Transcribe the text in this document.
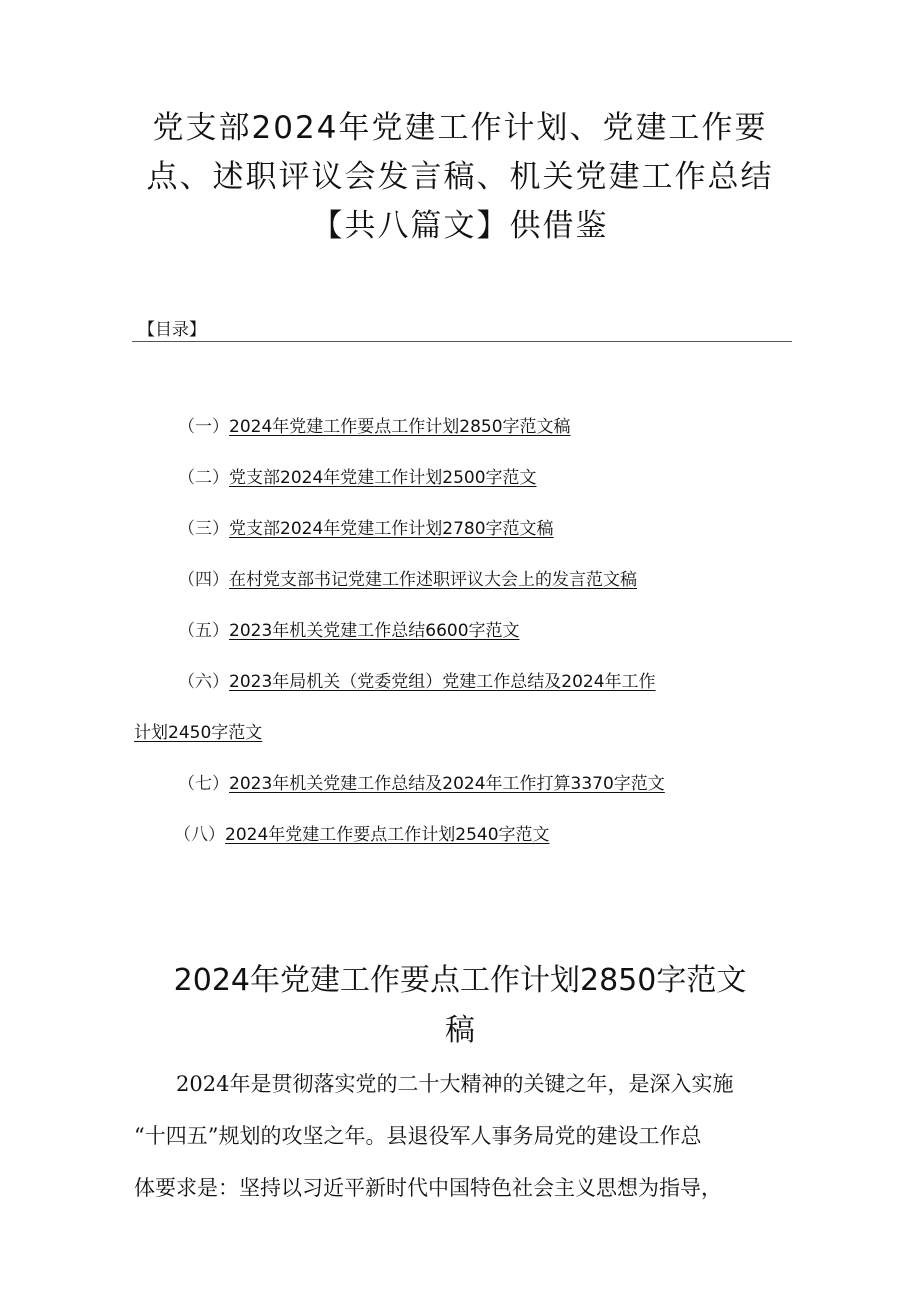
党支部2024年党建工作计划、党建工作要
点、述职评议会发言稿、机关党建工作总结
【共八篇文】供借鉴
【目录】
（一）2024年党建工作要点工作计划2850字范文稿
（二）党支部2024年党建工作计划2500字范文
（三）党支部2024年党建工作计划2780字范文稿
（四）在村党支部书记党建工作述职评议大会上的发言范文稿
（五）2023年机关党建工作总结6600字范文
（六）2023年局机关（党委党组）党建工作总结及2024年工作
计划2450字范文
（七）2023年机关党建工作总结及2024年工作打算3370字范文
（八）2024年党建工作要点工作计划2540字范文
2024年党建工作要点工作计划2850字范文
稿

　　2024年是贯彻落实党的二十大精神的关键之年，是深入实施
“十四五”规划的攻坚之年。县退役军人事务局党的建设工作总
体要求是：坚持以习近平新时代中国特色社会主义思想为指导，
